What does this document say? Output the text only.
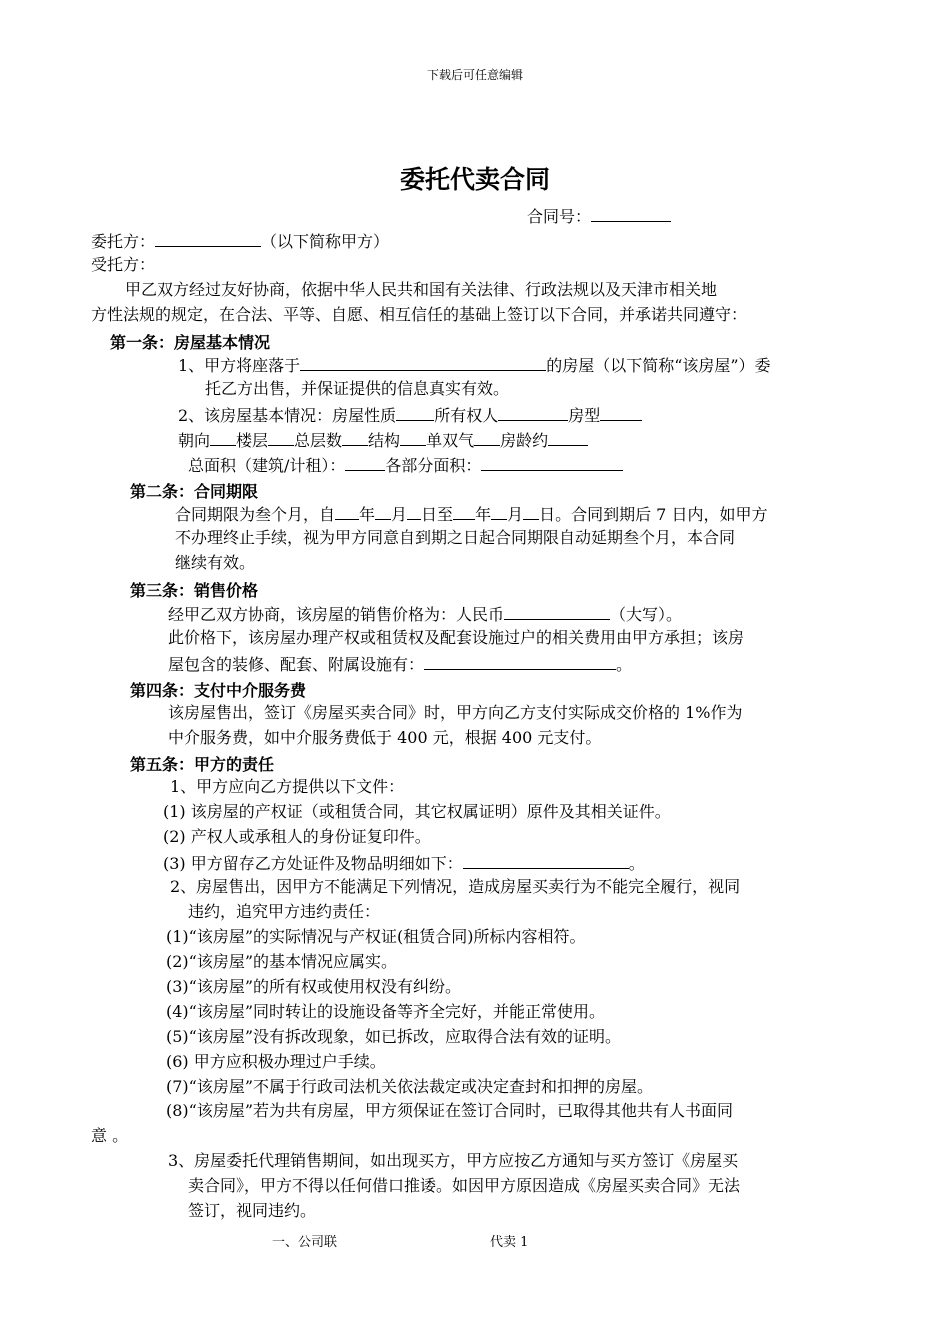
下载后可任意编辑
委托代卖合同
合同号：
委托方：	（以下简称甲方）
受托方：
甲乙双方经过友好协商，依据中华人民共和国有关法律、行政法规以及天津市相关地
方性法规的规定，在合法、平等、自愿、相互信任的基础上签订以下合同，并承诺共同遵守：
第一条：房屋基本情况
1、甲方将座落于	的房屋（以下简称“该房屋”）委
托乙方出售，并保证提供的信息真实有效。
2、该房屋基本情况：房屋性质 所有权人	房型
朝向 楼层 总层数 结构 单双气 房龄约
总面积（建筑/计租）：	各部分面积：
第二条：合同期限
合同期限为叁个月，自 年 月 日至 年 月 日。合同到期后 7 日内，如甲方
不办理终止手续，视为甲方同意自到期之日起合同期限自动延期叁个月，本合同
继续有效。
第三条：销售价格
经甲乙双方协商，该房屋的销售价格为：人民币	（大写）。
此价格下，该房屋办理产权或租赁权及配套设施过户的相关费用由甲方承担；该房
屋包含的装修、配套、附属设施有：	。
第四条：支付中介服务费
该房屋售出，签订《房屋买卖合同》时，甲方向乙方支付实际成交价格的 1%作为
中介服务费，如中介服务费低于 400 元，根据 400 元支付。
第五条：甲方的责任
1、甲方应向乙方提供以下文件：
(1) 该房屋的产权证（或租赁合同，其它权属证明）原件及其相关证件。
(2) 产权人或承租人的身份证复印件。
(3) 甲方留存乙方处证件及物品明细如下：	。
2、房屋售出，因甲方不能满足下列情况，造成房屋买卖行为不能完全履行，视同
违约，追究甲方违约责任：
(1)“该房屋”的实际情况与产权证(租赁合同)所标内容相符。
(2)“该房屋”的基本情况应属实。
(3)“该房屋”的所有权或使用权没有纠纷。
(4)“该房屋”同时转让的设施设备等齐全完好，并能正常使用。
(5)“该房屋”没有拆改现象，如已拆改，应取得合法有效的证明。
(6) 甲方应积极办理过户手续。
(7)“该房屋”不属于行政司法机关依法裁定或决定查封和扣押的房屋。
(8)“该房屋”若为共有房屋，甲方须保证在签订合同时，已取得其他共有人书面同
意 。
3、房屋委托代理销售期间，如出现买方，甲方应按乙方通知与买方签订《房屋买
卖合同》，甲方不得以任何借口推诿。如因甲方原因造成《房屋买卖合同》无法
签订，视同违约。
一、公司联	代卖 1
